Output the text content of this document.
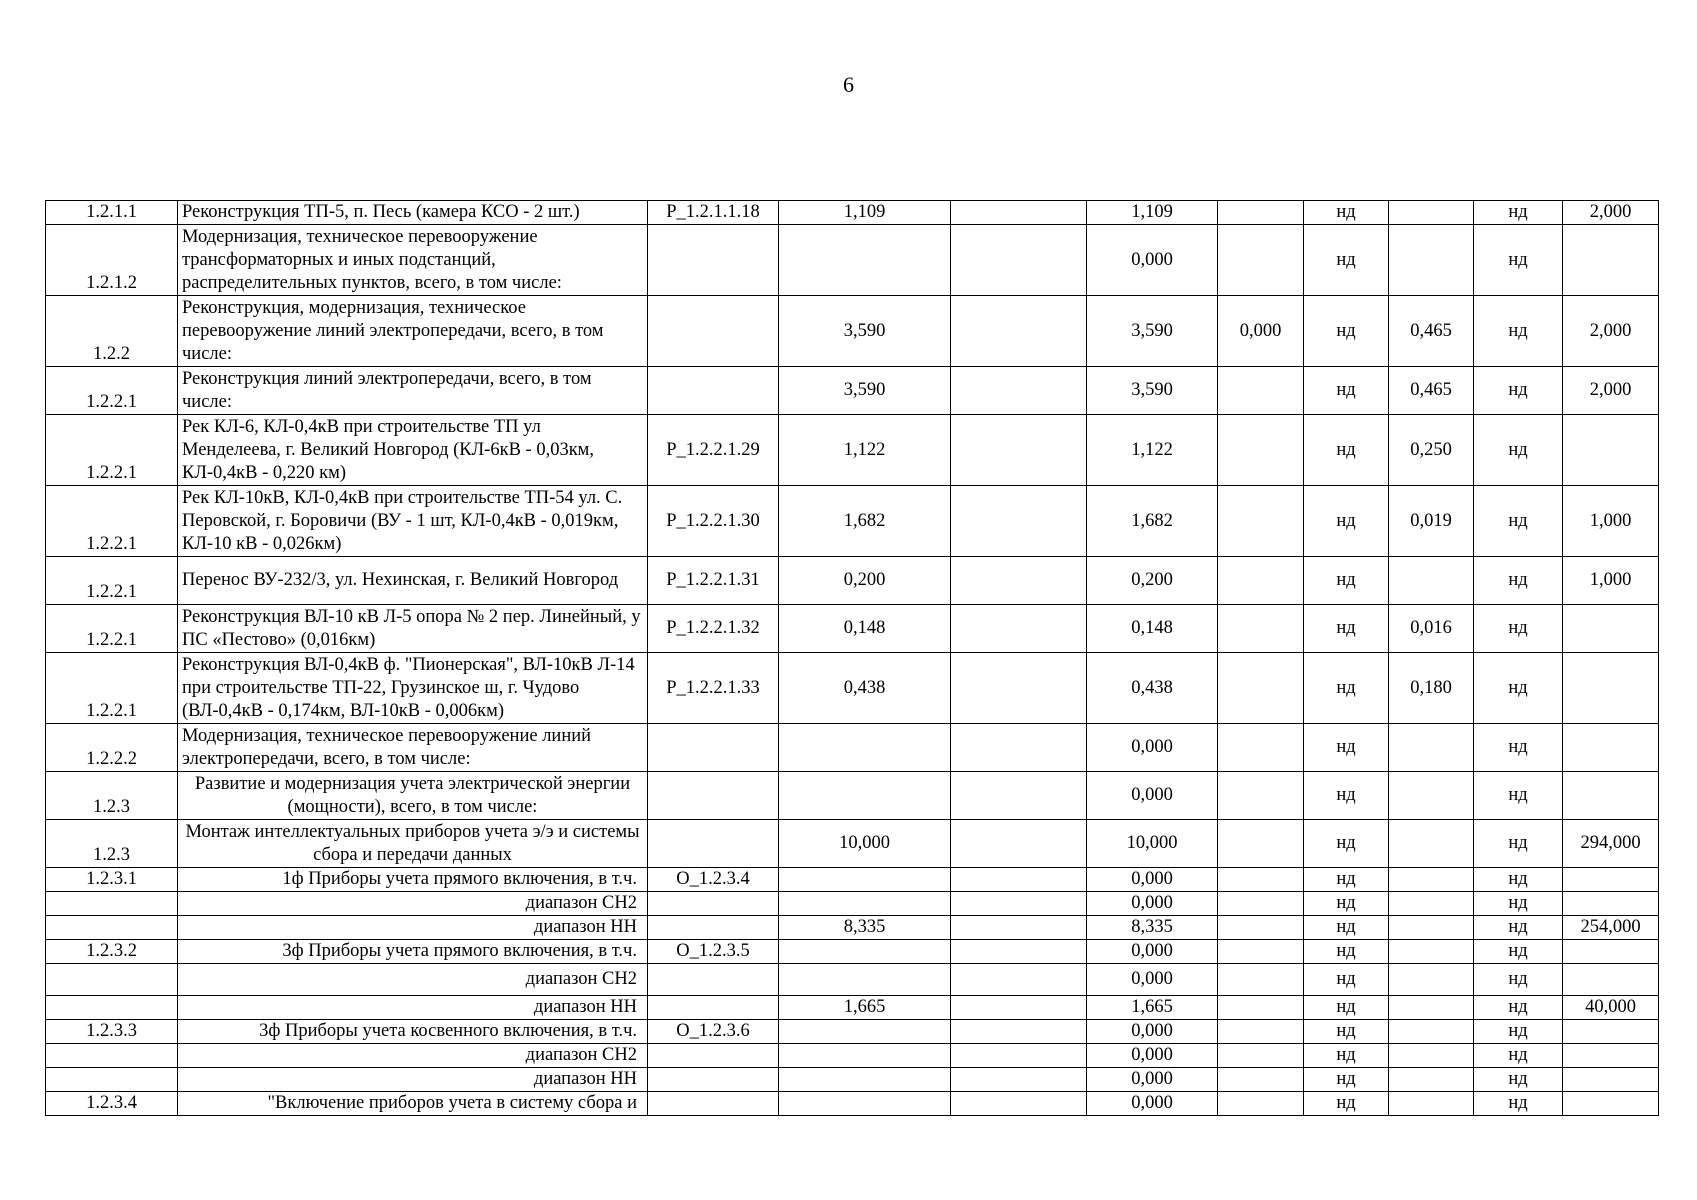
6
1.2.1.1	Реконструкция ТП-5, п. Песь (камера КСО - 2 шт.)	P_1.2.1.1.18	1,109		1,109		нд		нд	2,000
1.2.1.2	Модернизация, техническое перевооружение трансформаторных и иных подстанций, распределительных пунктов, всего, в том числе:				0,000		нд		нд	
1.2.2	Реконструкция, модернизация, техническое перевооружение линий электропередачи, всего, в том числе:		3,590		3,590	0,000	нд	0,465	нд	2,000
1.2.2.1	Реконструкция линий электропередачи, всего, в том числе:		3,590		3,590		нд	0,465	нд	2,000
1.2.2.1	Рек КЛ-6, КЛ-0,4кВ при строительстве ТП ул Менделеева, г. Великий Новгород (КЛ-6кВ - 0,03км, КЛ-0,4кВ - 0,220 км)	P_1.2.2.1.29	1,122		1,122		нд	0,250	нд	
1.2.2.1	Рек КЛ-10кВ, КЛ-0,4кВ при строительстве ТП-54 ул. С. Перовской, г. Боровичи (ВУ - 1 шт, КЛ-0,4кВ - 0,019км, КЛ-10 кВ - 0,026км)	P_1.2.2.1.30	1,682		1,682		нд	0,019	нд	1,000
1.2.2.1	Перенос ВУ-232/3, ул. Нехинская, г. Великий Новгород	P_1.2.2.1.31	0,200		0,200		нд		нд	1,000
1.2.2.1	Реконструкция ВЛ-10 кВ Л-5 опора № 2 пер. Линейный, у ПС «Пестово» (0,016км)	P_1.2.2.1.32	0,148		0,148		нд	0,016	нд	
1.2.2.1	Реконструкция ВЛ-0,4кВ ф. "Пионерская", ВЛ-10кВ Л-14 при строительстве ТП-22, Грузинское ш, г. Чудово (ВЛ-0,4кВ - 0,174км, ВЛ-10кВ - 0,006км)	P_1.2.2.1.33	0,438		0,438		нд	0,180	нд	
1.2.2.2	Модернизация, техническое перевооружение линий электропередачи, всего, в том числе:				0,000		нд		нд	
1.2.3	Развитие и модернизация учета электрической энергии (мощности), всего, в том числе:				0,000		нд		нд	
1.2.3	Монтаж интеллектуальных приборов учета э/э и системы сбора и передачи данных		10,000		10,000		нд		нд	294,000
1.2.3.1	1ф Приборы учета прямого включения, в т.ч.	O_1.2.3.4			0,000		нд		нд	
	диапазон СН2				0,000		нд		нд	
	диапазон НН		8,335		8,335		нд		нд	254,000
1.2.3.2	3ф Приборы учета прямого включения, в т.ч.	O_1.2.3.5			0,000		нд		нд	
	диапазон СН2				0,000		нд		нд	
	диапазон НН		1,665		1,665		нд		нд	40,000
1.2.3.3	3ф Приборы учета косвенного включения, в т.ч.	O_1.2.3.6			0,000		нд		нд	
	диапазон СН2				0,000		нд		нд	
	диапазон НН				0,000		нд		нд	
1.2.3.4	"Включение приборов учета в систему сбора и				0,000		нд		нд	
